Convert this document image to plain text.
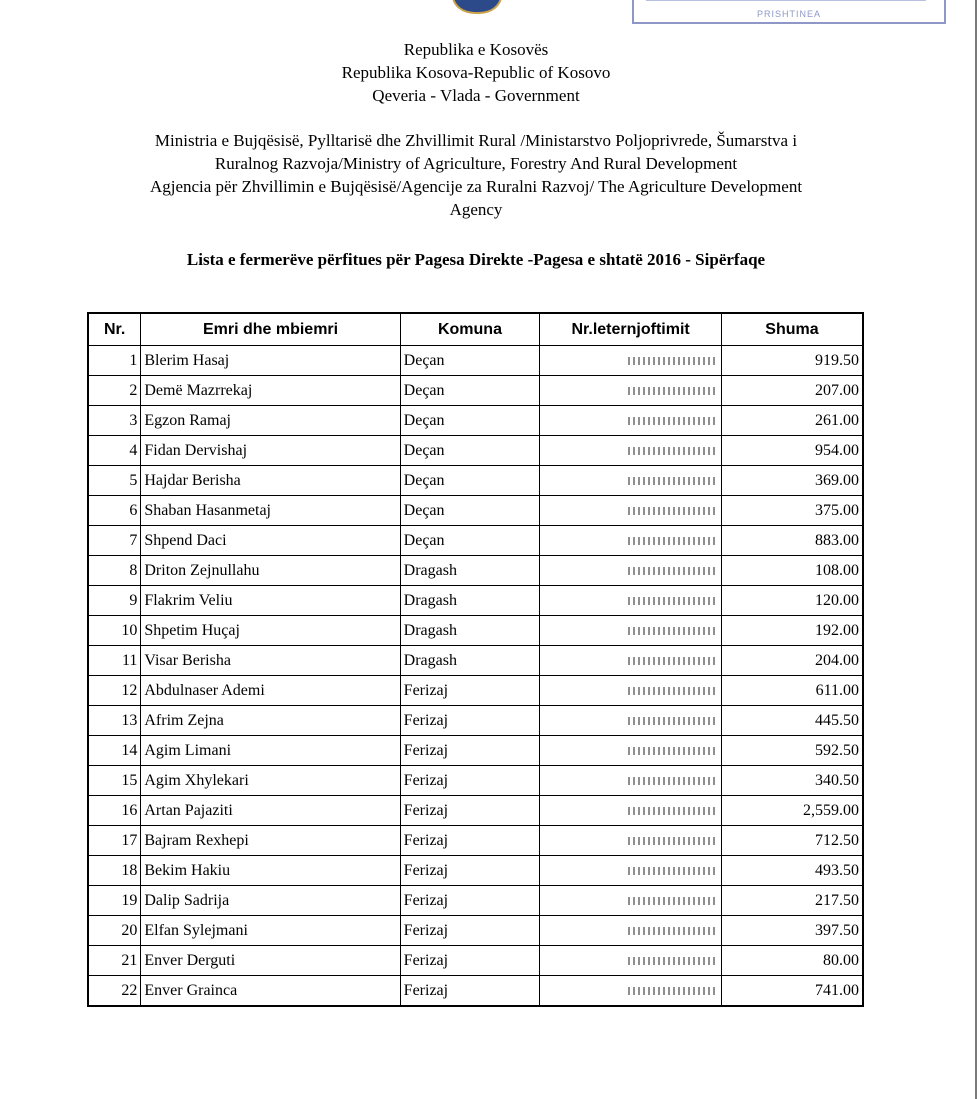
PRISHTINEA
Republika e Kosovës
Republika Kosova-Republic of Kosovo
Qeveria - Vlada - Government
Ministria e Bujqësisë, Pylltarisë dhe Zhvillimit Rural /Ministarstvo Poljoprivrede, Šumarstva i
Ruralnog Razvoja/Ministry of Agriculture, Forestry And Rural Development
Agjencia për Zhvillimin e Bujqësisë/Agencije za Ruralni Razvoj/ The Agriculture Development
Agency
Lista e fermerëve përfitues për Pagesa Direkte -Pagesa e shtatë 2016 - Sipërfaqe
Nr.	Emri dhe mbiemri	Komuna	Nr.leternjoftimit	Shuma
1	Blerim Hasaj	Deçan		919.50
2	Demë Mazrrekaj	Deçan		207.00
3	Egzon Ramaj	Deçan		261.00
4	Fidan Dervishaj	Deçan		954.00
5	Hajdar Berisha	Deçan		369.00
6	Shaban Hasanmetaj	Deçan		375.00
7	Shpend Daci	Deçan		883.00
8	Driton Zejnullahu	Dragash		108.00
9	Flakrim Veliu	Dragash		120.00
10	Shpetim Huçaj	Dragash		192.00
11	Visar Berisha	Dragash		204.00
12	Abdulnaser Ademi	Ferizaj		611.00
13	Afrim Zejna	Ferizaj		445.50
14	Agim Limani	Ferizaj		592.50
15	Agim Xhylekari	Ferizaj		340.50
16	Artan Pajaziti	Ferizaj		2,559.00
17	Bajram Rexhepi	Ferizaj		712.50
18	Bekim Hakiu	Ferizaj		493.50
19	Dalip Sadrija	Ferizaj		217.50
20	Elfan Sylejmani	Ferizaj		397.50
21	Enver Derguti	Ferizaj		80.00
22	Enver Grainca	Ferizaj		741.00
